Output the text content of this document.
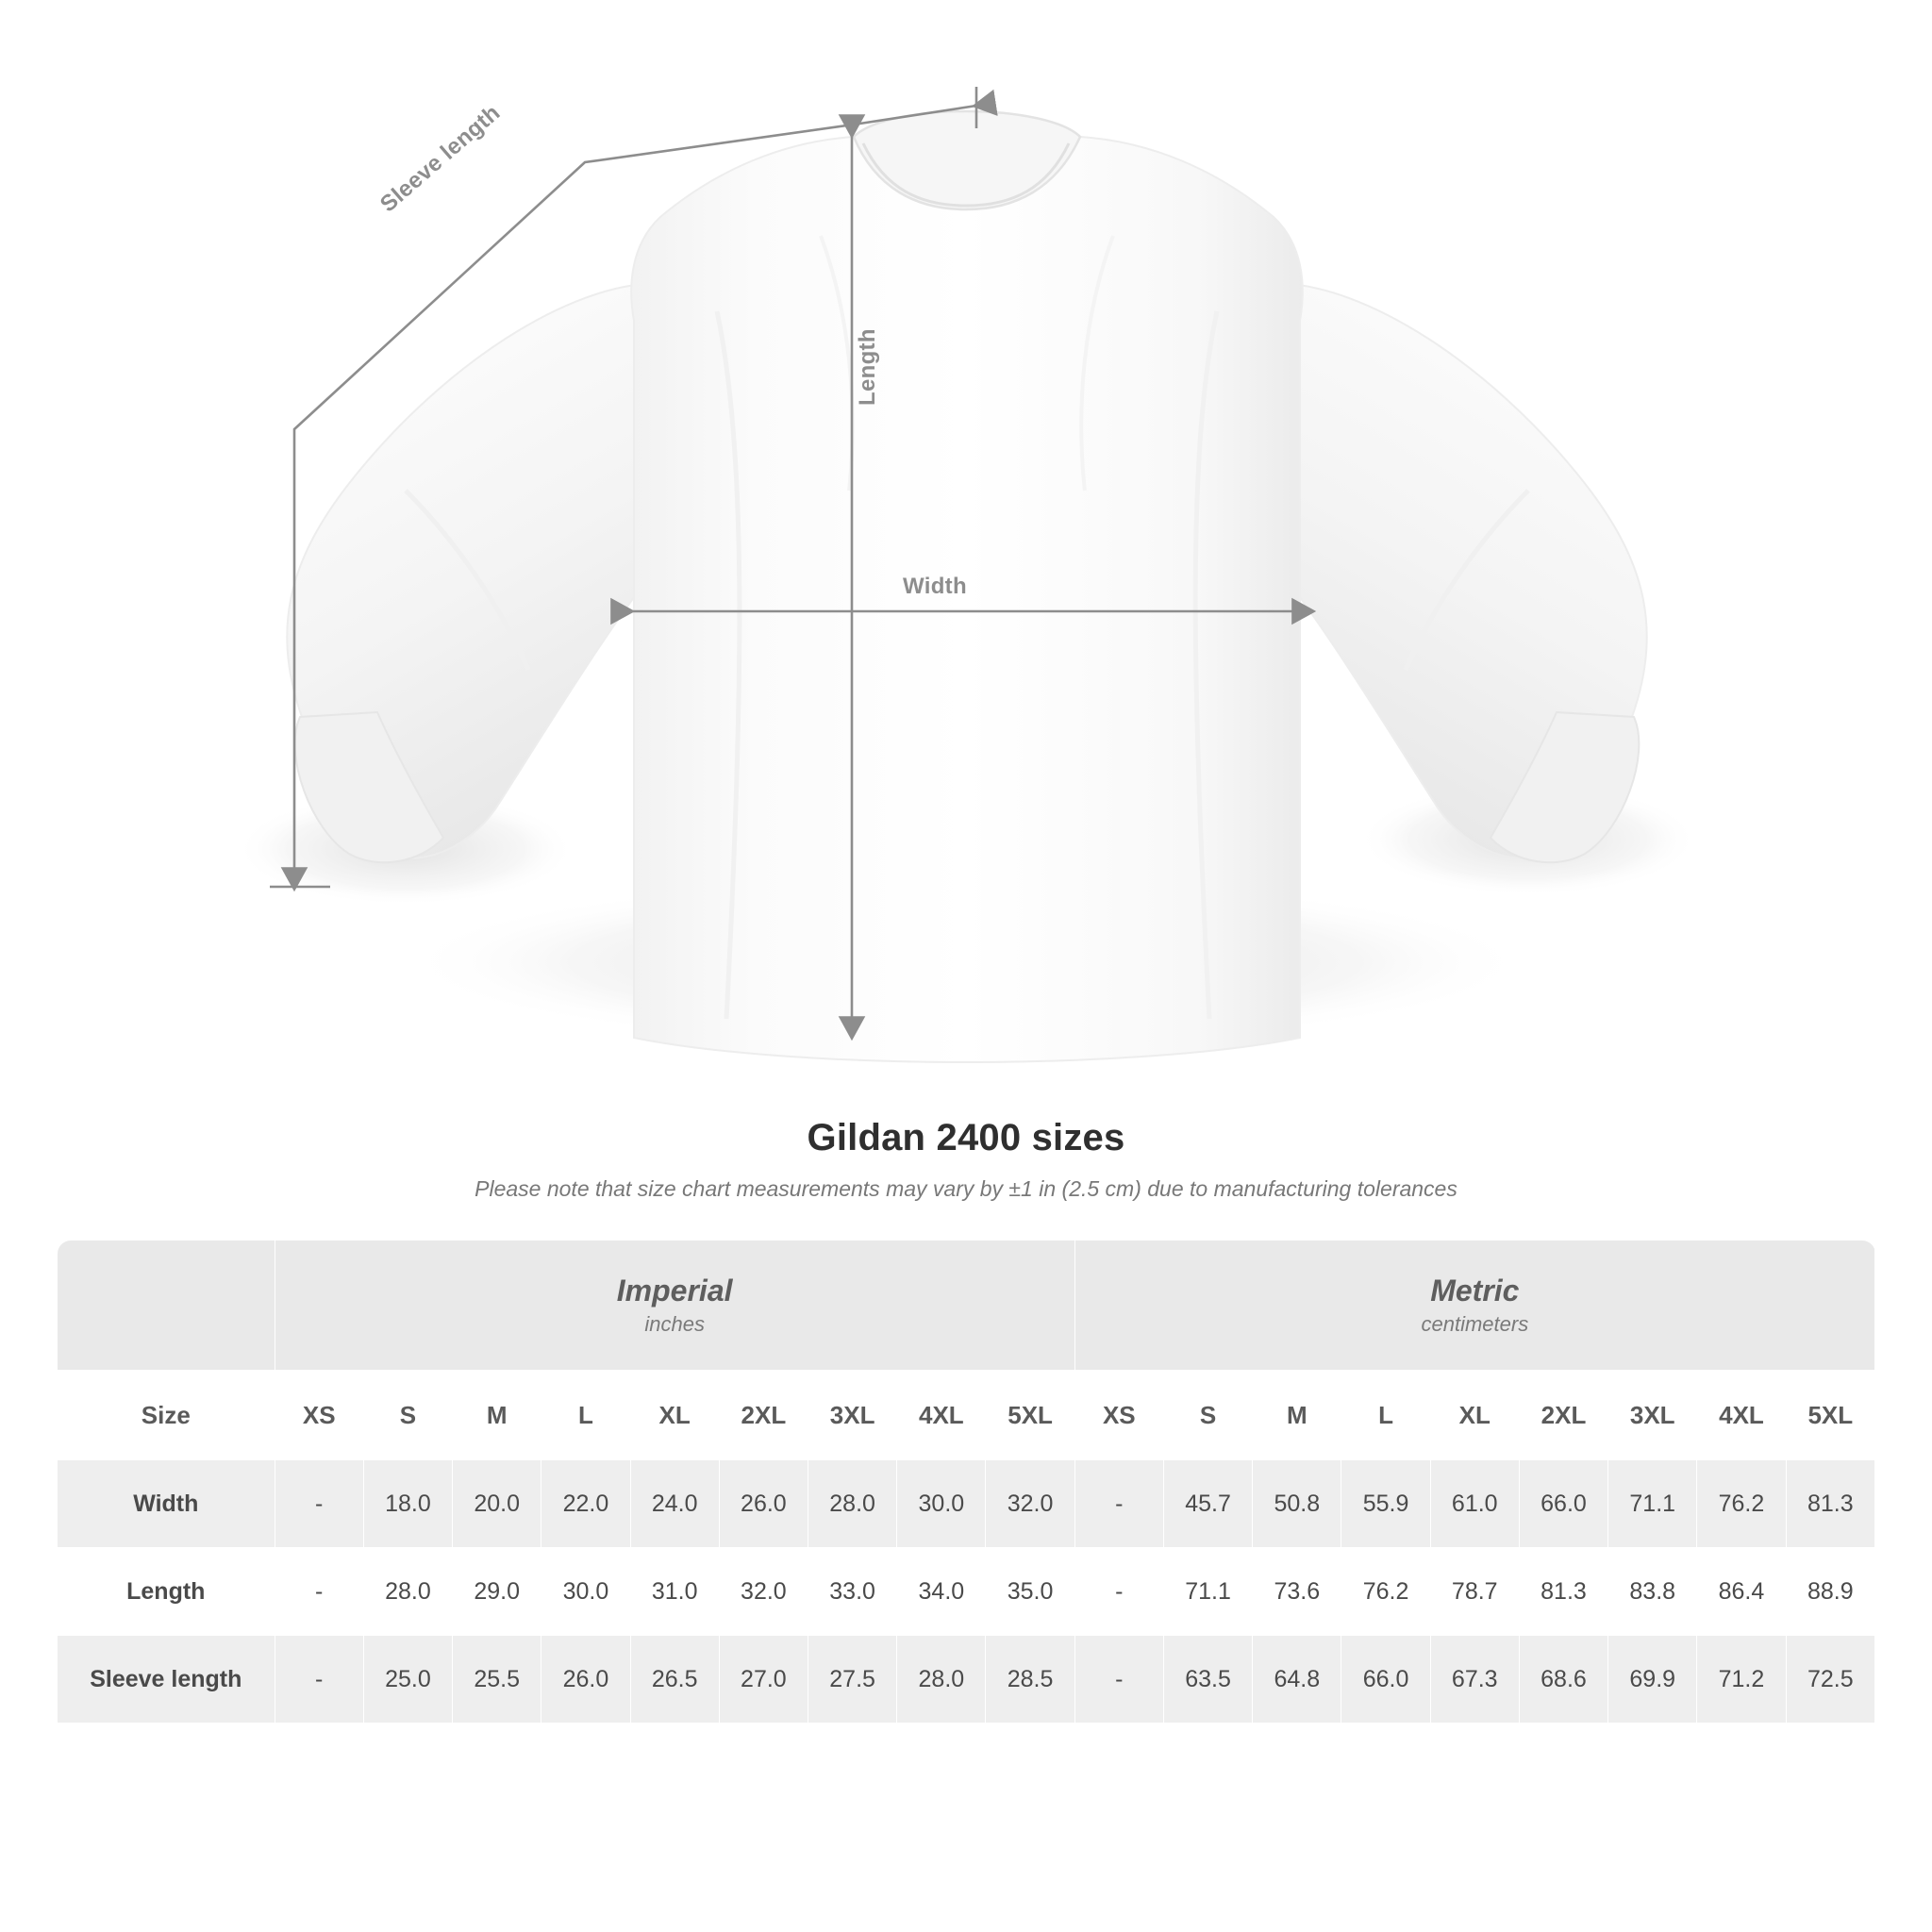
Sleeve length
Length
Width
Gildan 2400 sizes

Please note that size chart measurements may vary by ±1 in (2.5 cm) due to manufacturing tolerances

	Imperial
inches									Metric
centimeters								

Size	XS	S	M	L	XL	2XL	3XL	4XL	5XL	XS	S	M	L	XL	2XL	3XL	4XL	5XL
Width	-	18.0	20.0	22.0	24.0	26.0	28.0	30.0	32.0	-	45.7	50.8	55.9	61.0	66.0	71.1	76.2	81.3
Length	-	28.0	29.0	30.0	31.0	32.0	33.0	34.0	35.0	-	71.1	73.6	76.2	78.7	81.3	83.8	86.4	88.9
Sleeve length	-	25.0	25.5	26.0	26.5	27.0	27.5	28.0	28.5	-	63.5	64.8	66.0	67.3	68.6	69.9	71.2	72.5
